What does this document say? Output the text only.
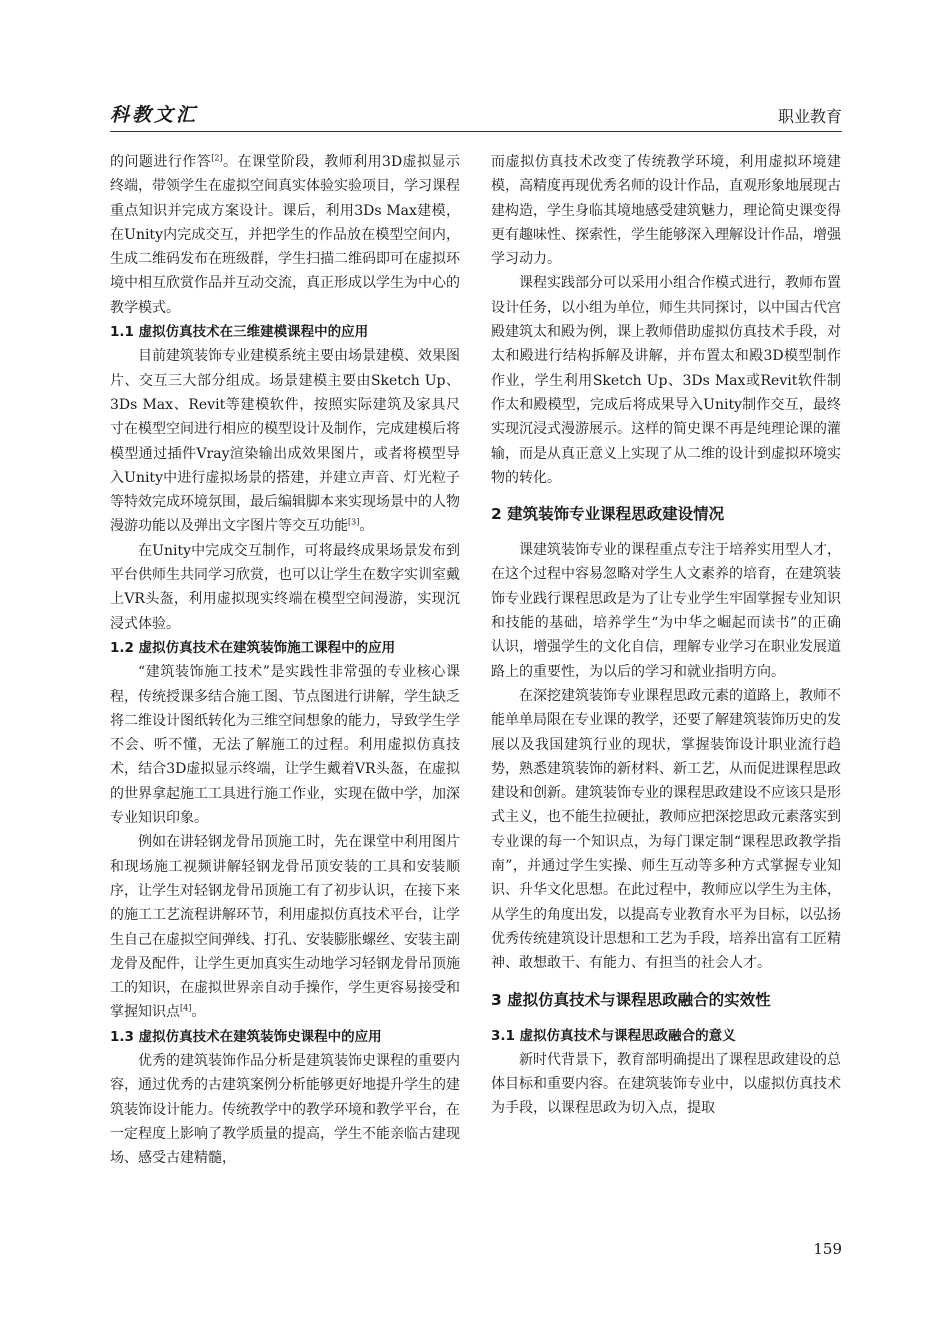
科教文汇	职业教育

的问题进行作答[2]。在课堂阶段，教师利用3D虚拟显示终端，带领学生在虚拟空间真实体验实验项目，学习课程重点知识并完成方案设计。课后，利用3Ds Max建模，在Unity内完成交互，并把学生的作品放在模型空间内，生成二维码发布在班级群，学生扫描二维码即可在虚拟环境中相互欣赏作品并互动交流，真正形成以学生为中心的教学模式。

1.1 虚拟仿真技术在三维建模课程中的应用

目前建筑装饰专业建模系统主要由场景建模、效果图片、交互三大部分组成。场景建模主要由Sketch Up、3Ds Max、Revit等建模软件，按照实际建筑及家具尺寸在模型空间进行相应的模型设计及制作，完成建模后将模型通过插件Vray渲染输出成效果图片，或者将模型导入Unity中进行虚拟场景的搭建，并建立声音、灯光粒子等特效完成环境氛围，最后编辑脚本来实现场景中的人物漫游功能以及弹出文字图片等交互功能[3]。

在Unity中完成交互制作，可将最终成果场景发布到平台供师生共同学习欣赏，也可以让学生在数字实训室戴上VR头盔，利用虚拟现实终端在模型空间漫游，实现沉浸式体验。

1.2 虚拟仿真技术在建筑装饰施工课程中的应用

“建筑装饰施工技术”是实践性非常强的专业核心课程，传统授课多结合施工图、节点图进行讲解，学生缺乏将二维设计图纸转化为三维空间想象的能力，导致学生学不会、听不懂，无法了解施工的过程。利用虚拟仿真技术，结合3D虚拟显示终端，让学生戴着VR头盔，在虚拟的世界拿起施工工具进行施工作业，实现在做中学，加深专业知识印象。

例如在讲轻钢龙骨吊顶施工时，先在课堂中利用图片和现场施工视频讲解轻钢龙骨吊顶安装的工具和安装顺序，让学生对轻钢龙骨吊顶施工有了初步认识，在接下来的施工工艺流程讲解环节，利用虚拟仿真技术平台，让学生自己在虚拟空间弹线、打孔、安装膨胀螺丝、安装主副龙骨及配件，让学生更加真实生动地学习轻钢龙骨吊顶施工的知识，在虚拟世界亲自动手操作，学生更容易接受和掌握知识点[4]。

1.3 虚拟仿真技术在建筑装饰史课程中的应用

优秀的建筑装饰作品分析是建筑装饰史课程的重要内容，通过优秀的古建筑案例分析能够更好地提升学生的建筑装饰设计能力。传统教学中的教学环境和教学平台，在一定程度上影响了教学质量的提高，学生不能亲临古建现场、感受古建精髓，

而虚拟仿真技术改变了传统教学环境，利用虚拟环境建模，高精度再现优秀名师的设计作品，直观形象地展现古建构造，学生身临其境地感受建筑魅力，理论简史课变得更有趣味性、探索性，学生能够深入理解设计作品，增强学习动力。

课程实践部分可以采用小组合作模式进行，教师布置设计任务，以小组为单位，师生共同探讨，以中国古代宫殿建筑太和殿为例，课上教师借助虚拟仿真技术手段，对太和殿进行结构拆解及讲解，并布置太和殿3D模型制作作业，学生利用Sketch Up、3Ds Max或Revit软件制作太和殿模型，完成后将成果导入Unity制作交互，最终实现沉浸式漫游展示。这样的简史课不再是纯理论课的灌输，而是从真正意义上实现了从二维的设计到虚拟环境实物的转化。

2 建筑装饰专业课程思政建设情况

课建筑装饰专业的课程重点专注于培养实用型人才，在这个过程中容易忽略对学生人文素养的培育，在建筑装饰专业践行课程思政是为了让专业学生牢固掌握专业知识和技能的基础，培养学生“为中华之崛起而读书”的正确认识，增强学生的文化自信，理解专业学习在职业发展道路上的重要性，为以后的学习和就业指明方向。

在深挖建筑装饰专业课程思政元素的道路上，教师不能单单局限在专业课的教学，还要了解建筑装饰历史的发展以及我国建筑行业的现状，掌握装饰设计职业流行趋势，熟悉建筑装饰的新材料、新工艺，从而促进课程思政建设和创新。建筑装饰专业的课程思政建设不应该只是形式主义，也不能生拉硬扯，教师应把深挖思政元素落实到专业课的每一个知识点，为每门课定制“课程思政教学指南”，并通过学生实操、师生互动等多种方式掌握专业知识、升华文化思想。在此过程中，教师应以学生为主体，从学生的角度出发，以提高专业教育水平为目标，以弘扬优秀传统建筑设计思想和工艺为手段，培养出富有工匠精神、敢想敢干、有能力、有担当的社会人才。

3 虚拟仿真技术与课程思政融合的实效性
3.1 虚拟仿真技术与课程思政融合的意义

新时代背景下，教育部明确提出了课程思政建设的总体目标和重要内容。在建筑装饰专业中，以虚拟仿真技术为手段，以课程思政为切入点，提取

159
